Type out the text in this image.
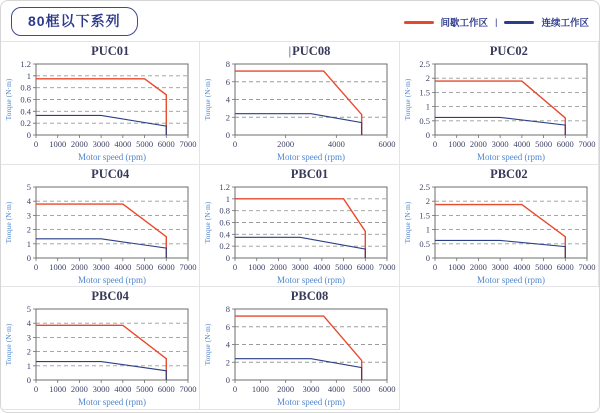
80框以下系列	间歇工作区 |	连续工作区
PUC01
0 1000 2000 3000 4000 5000 6000 7000
0
0.2
0.4
0.6
0.8
1
1.2
Motor speed (rpm)
Torque (N·m)
|PUC08
0	2000	4000	6000
0
2
4
6
8
Motor speed (rpm)
Torque (N·m)
PUC02
0 1000 2000 3000 4000 5000 6000 7000
0
0.5
1
1.5
2
2.5
Motor speed (rpm)
Torque (N·m)
PUC04
0 1000 2000 3000 4000 5000 6000 7000
0
1
2
3
4
5
Motor speed (rpm)
Torque (N·m)
PBC01
0 1000 2000 3000 4000 5000 6000 7000
0
0.2
0.4
0.6
0.8
1
1.2
Motor speed (rpm)
Torque (N·m)
PBC02
0 1000 2000 3000 4000 5000 6000 7000
0
0.5
1
1.5
2
2.5
Motor speed (rpm)
Torque (N·m)
PBC04
0 1000 2000 3000 4000 5000 6000 7000
0
1
2
3
4
5
Motor speed (rpm)
Torque (N·m)
PBC08
0 1000 2000 3000 4000 5000 6000
0
2
4
6
8
Motor speed (rpm)
Torque (N·m)
